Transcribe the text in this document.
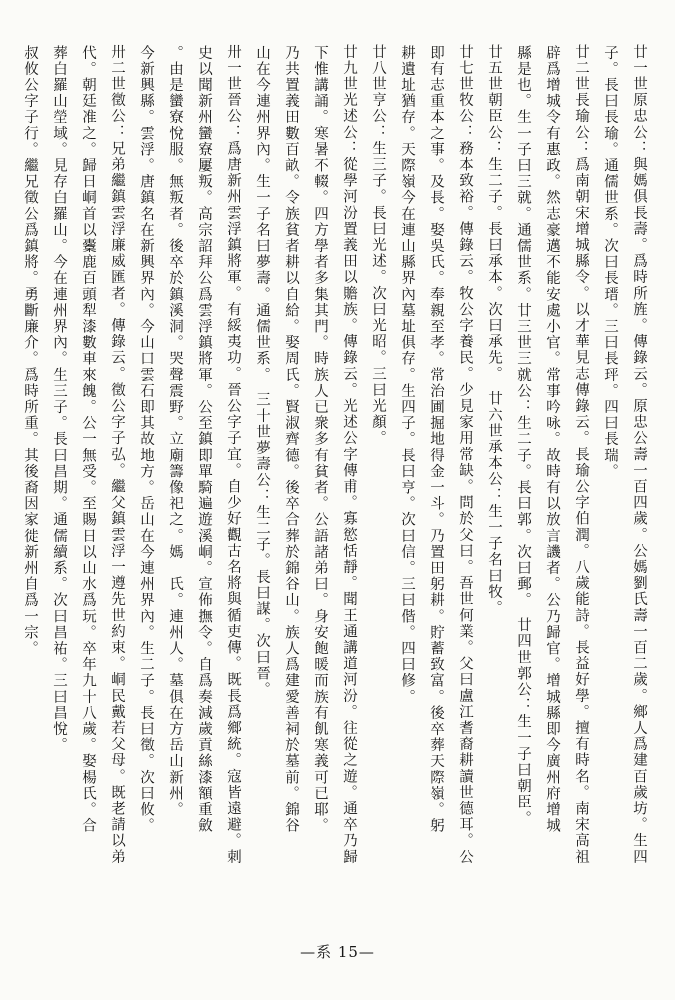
廿一世原忠公：與媽俱長壽。爲時所旌。傳錄云。原忠公壽一百四歲。公媽劉氏壽一百二歲。鄉人爲建百歲坊。生四
子。長曰長瑜。通儒世系。次曰長瑨。三曰長玶。四曰長瑞。
廿二世長瑜公：爲南朝宋增城縣令。以才華見志傳錄云。長瑜公字伯潤。八歲能詩。長益好學。擅有時名。南宋高祖
辟爲增城令有惠政。然志豪邁不能安處小官。常事吟咏。故時有以放言譏者。公乃歸官。增城縣即今廣州府增城
縣是也。生一子曰三就。通儒世系。廿三世三就公：生二子。長曰郭。次曰郵。　廿四世郭公：生一子曰朝臣。
廿五世朝臣公：生二子。長曰承本。次曰承先。　廿六世承本公：生一子名曰牧。
廿七世牧公：務本致裕。傳錄云。牧公字養民。少見家用常缺。問於父曰。吾世何業。父曰盧江耆裔耕讀世德耳。公
即有志重本之事。及長。娶吳氏。奉親至孝。常治圃掘地得金一斗。乃置田躬耕。貯蓄致富。後卒葬天際嶺。躬
耕遺址猶存。天際嶺今在連山縣界內墓址俱存。生四子。長曰亨。次曰信。三曰偕。四曰修。
廿八世亨公：生三子。長曰光述。次曰光昭。三曰光顏。
廿九世光述公：從學河汾置義田以贍族。傳錄云。光述公字傳甫。寡慾恬靜。聞王通講道河汾。往從之遊。通卒乃歸
下惟講誦。寒暑不輟。四方學者多集其門。時族人已衆多有貧者。公語諸弟曰。身安飽暖而族有飢寒義可已耶。
乃共置義田數百畝。令族貧者耕以自給。娶周氏。賢淑齊德。後卒合葬於錦谷山。族人爲建愛善祠於墓前。錦谷
山在今連州界內。生一子名曰夢壽。通儒世系。　三十世夢壽公：生二子。長曰謀。次曰晉。
卅一世晉公：爲唐新州雲浮鎮將軍。有綏夷功。晉公字子宜。自少好觀古名將與循吏傳。既長爲鄉統。寇皆遠避。刺
史以聞新州蠻寮屢叛。高宗詔拜公爲雲浮鎮將軍。公至鎮即單騎遍遊溪峒。宣佈撫令。自爲奏減歲貢絲漆額重斂
。由是蠻寮悅服。無叛者。後卒於鎮溪洞。哭聲震野。立廟籌像祀之。媽　氏。連州人。墓俱在方岳山新州。
今新興縣。雲浮。唐鎮名在新興界內。今山口雲石即其故地方。岳山在今連州界內。生二子。長曰徵。次曰攸。
卅二世徵公：兄弟繼鎮雲浮廉威匯者。傳錄云。徵公字子弘。繼父鎮雲浮一遵先世約束。峒民戴若父母。既老請以弟
代。朝廷准之。歸日峒首以櫜鹿百頭犁漆數車來餽。公一無受。至賜日以山水爲玩。卒年九十八歲。娶楊氏。合
葬白羅山塋域。見存白羅山。今在連州界內。生三子。長曰昌期。通儒續系。次曰昌祐。三曰昌悅。
叔攸公字子行。繼兄徵公爲鎮將。勇斷廉介。爲時所重。其後裔因家徙新州自爲一宗。
—系 15—
